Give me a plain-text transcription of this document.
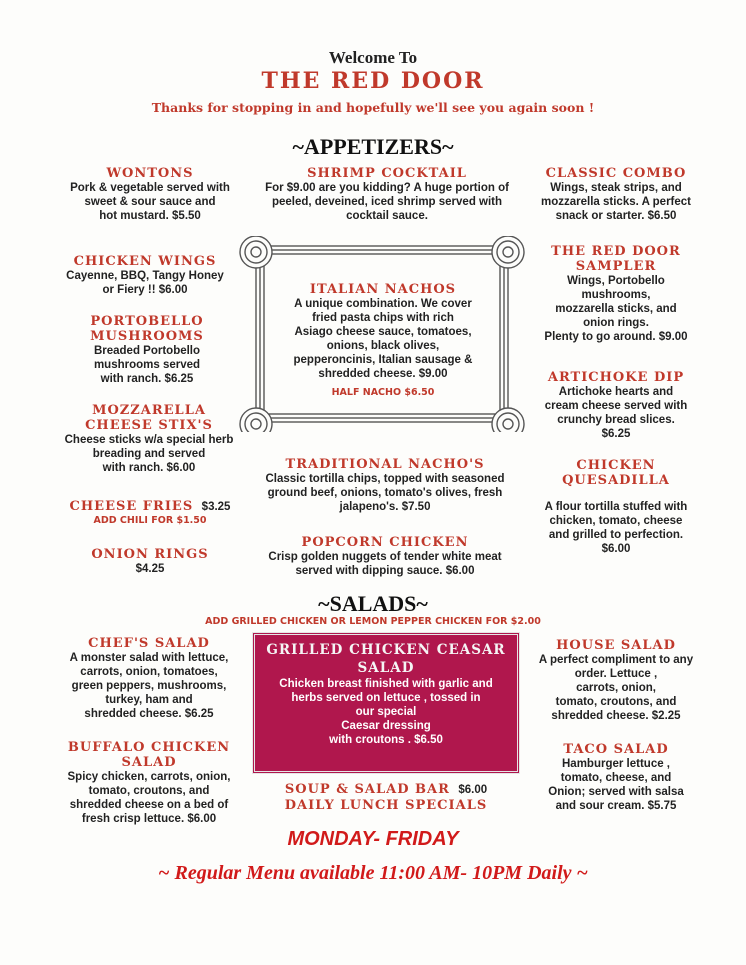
Welcome To
THE RED DOOR
Thanks for stopping in and hopefully we'll see you again soon !
~APPETIZERS~
WONTONS
Pork & vegetable served with
sweet & sour sauce and
hot mustard. $5.50
SHRIMP COCKTAIL
For $9.00 are you kidding? A huge portion of
peeled, deveined, iced shrimp served with
cocktail sauce.
CLASSIC COMBO
Wings, steak strips, and
mozzarella sticks. A perfect
snack or starter. $6.50
CHICKEN WINGS
Cayenne, BBQ, Tangy Honey
or Fiery !! $6.00
PORTOBELLO
MUSHROOMS
Breaded Portobello
mushrooms served
with ranch. $6.25
MOZZARELLA
CHEESE STIX'S
Cheese sticks w/a special herb
breading and served
with ranch. $6.00
CHEESE FRIES $3.25
ADD CHILI FOR $1.50
ONION RINGS
$4.25
ITALIAN NACHOS
A unique combination. We cover
fried pasta chips with rich
Asiago cheese sauce, tomatoes,
onions, black olives,
pepperoncinis, Italian sausage &
shredded cheese. $9.00
HALF NACHO $6.50
THE RED DOOR
SAMPLER
Wings, Portobello
mushrooms,
mozzarella sticks, and
onion rings.
Plenty to go around. $9.00
ARTICHOKE DIP
Artichoke hearts and
cream cheese served with
crunchy bread slices.
$6.25
CHICKEN
QUESADILLA
A flour tortilla stuffed with
chicken, tomato, cheese
and grilled to perfection.
$6.00
TRADITIONAL NACHO'S
Classic tortilla chips, topped with seasoned
ground beef, onions, tomato's olives, fresh
jalapeno's. $7.50
POPCORN CHICKEN
Crisp golden nuggets of tender white meat
served with dipping sauce. $6.00
~SALADS~
ADD GRILLED CHICKEN OR LEMON PEPPER CHICKEN FOR $2.00
CHEF'S SALAD
A monster salad with lettuce,
carrots, onion, tomatoes,
green peppers, mushrooms,
turkey, ham and
shredded cheese. $6.25
BUFFALO CHICKEN
SALAD
Spicy chicken, carrots, onion,
tomato, croutons, and
shredded cheese on a bed of
fresh crisp lettuce. $6.00
GRILLED CHICKEN CEASAR
SALAD
Chicken breast finished with garlic and
herbs served on lettuce , tossed in
our special
Caesar dressing
with croutons . $6.50
SOUP & SALAD BAR $6.00
DAILY LUNCH SPECIALS
HOUSE SALAD
A perfect compliment to any
order. Lettuce ,
carrots, onion,
tomato, croutons, and
shredded cheese. $2.25
TACO SALAD
Hamburger lettuce ,
tomato, cheese, and
Onion; served with salsa
and sour cream. $5.75
MONDAY- FRIDAY
~ Regular Menu available 11:00 AM- 10PM Daily ~
